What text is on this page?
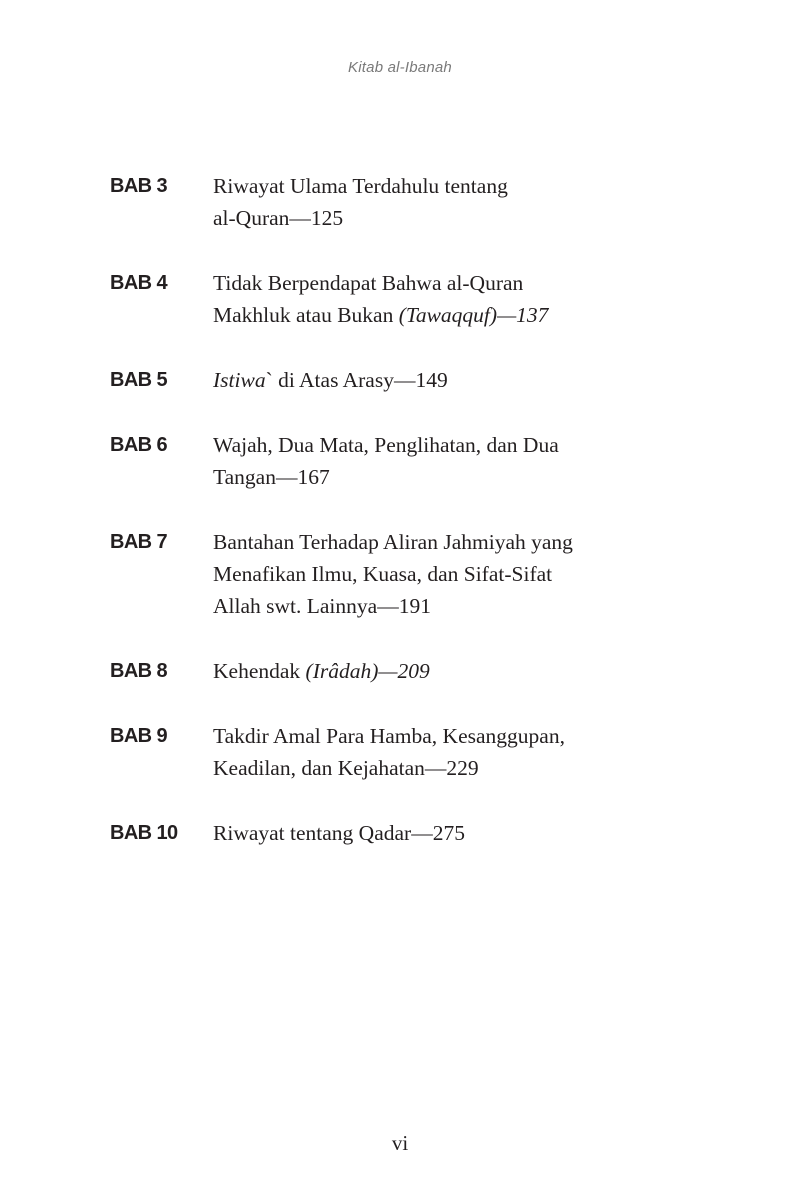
Kitab al-Ibanah
BAB 3	Riwayat Ulama Terdahulu tentang
al-Quran—125
BAB 4	Tidak Berpendapat Bahwa al-Quran
Makhluk atau Bukan (Tawaqquf)—137
BAB 5	Istiwa` di Atas Arasy—149
BAB 6	Wajah, Dua Mata, Penglihatan, dan Dua
Tangan—167
BAB 7	Bantahan Terhadap Aliran Jahmiyah yang
Menafikan Ilmu, Kuasa, dan Sifat-Sifat
Allah swt. Lainnya—191
BAB 8	Kehendak (Irâdah)—209
BAB 9	Takdir Amal Para Hamba, Kesanggupan,
Keadilan, dan Kejahatan—229
BAB 10	Riwayat tentang Qadar—275
vi
